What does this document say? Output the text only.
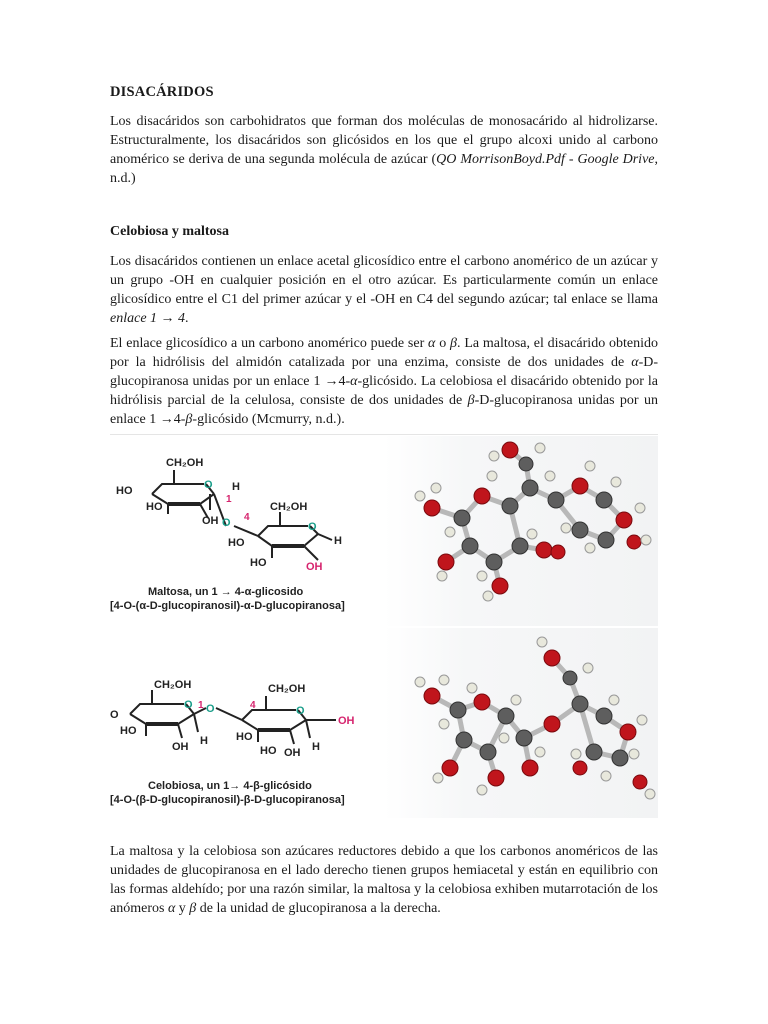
DISACÁRIDOS

Los disacáridos son carbohidratos que forman dos moléculas de monosacárido al hidrolizarse. Estructuralmente, los disacáridos son glicósidos en los que el grupo alcoxi unido al carbono anomérico se deriva de una segunda molécula de azúcar (QO MorrisonBoyd.Pdf - Google Drive, n.d.)

Celobiosa y maltosa

Los disacáridos contienen un enlace acetal glicosídico entre el carbono anomérico de un azúcar y un grupo -OH en cualquier posición en el otro azúcar. Es particularmente común un enlace glicosídico entre el C1 del primer azúcar y el -OH en C4 del segundo azúcar; tal enlace se llama enlace 1 → 4.

El enlace glicosídico a un carbono anomérico puede ser α o β. La maltosa, el disacárido obtenido por la hidrólisis del almidón catalizada por una enzima, consiste de dos unidades de α-D-glucopiranosa unidas por un enlace 1 →4-α-glicósido. La celobiosa el disacárido obtenido por la hidrólisis parcial de la celulosa, consiste de dos unidades de β-D-glucopiranosa unidas por un enlace 1 →4-β-glicósido (Mcmurry, n.d.).

CH₂OH
HO
HO
OH
H
CH₂OH
HO
HO	OH
H
O
O
O
1
4
Maltosa, un 1 → 4-α-glicosido
[4-O-(α-D-glucopiranosil)-α-D-glucopiranosa]
CH₂OH
O
HO
OH H
CH₂OH
HO
HO OH H
OH
O	O
O
1	4
Celobiosa, un 1→ 4-β-glicósido
[4-O-(β-D-glucopiranosil)-β-D-glucopiranosa]

La maltosa y la celobiosa son azúcares reductores debido a que los carbonos anoméricos de las unidades de glucopiranosa en el lado derecho tienen grupos hemiacetal y están en equilibrio con las formas aldehído; por una razón similar, la maltosa y la celobiosa exhiben mutarrotación de los anómeros α y β de la unidad de glucopiranosa a la derecha.
